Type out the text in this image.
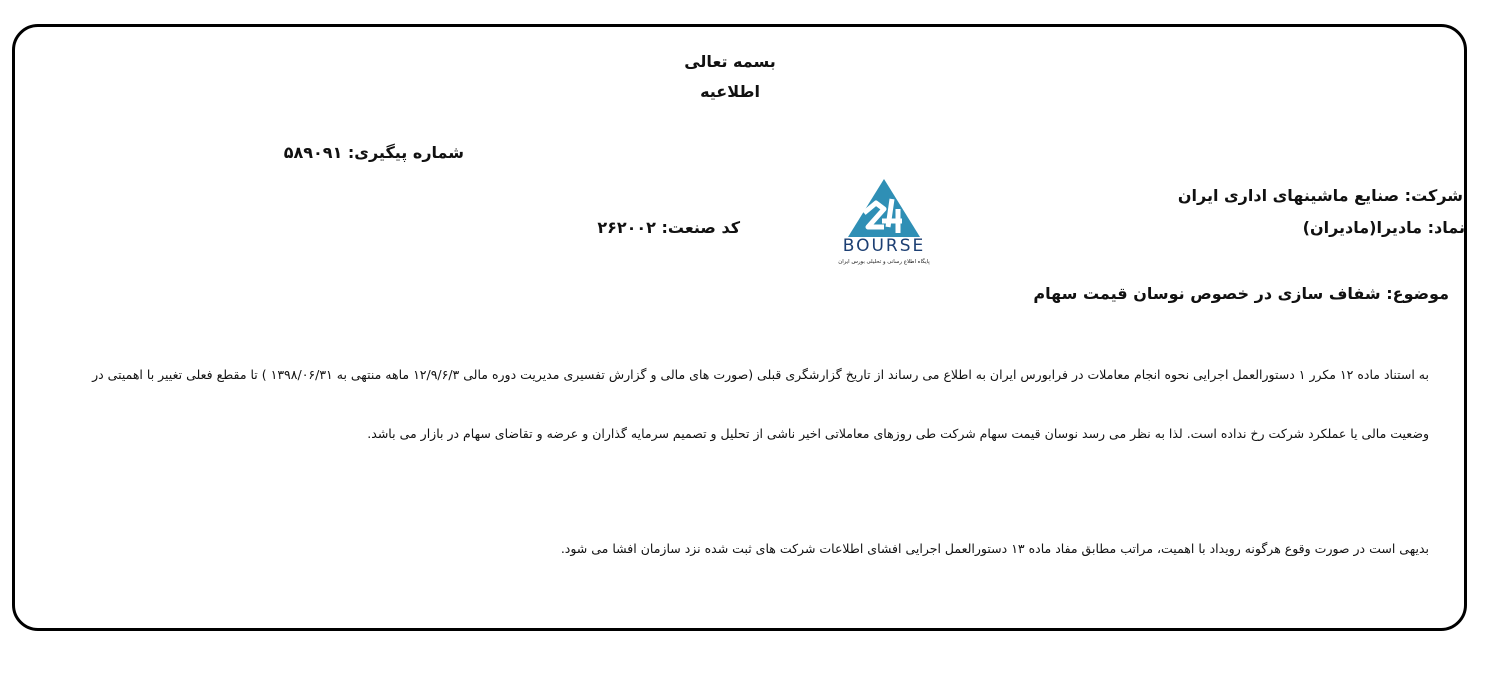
بسمه تعالی
اطلاعیه
شماره پیگیری: ۵۸۹۰۹۱
شرکت: صنایع ماشینهای اداری ایران
نماد: مادیرا(مادیران)
کد صنعت: ۲۶۲۰۰۲
BOURSE
پایگاه اطلاع رسانی و تحلیلی بورس ایران
موضوع: شفاف سازی در خصوص نوسان قیمت سهام
به استناد ماده ۱۲ مکرر ۱ دستورالعمل اجرایی نحوه انجام معاملات در فرابورس ایران به اطلاع می رساند از تاریخ گزارشگری قبلی (صورت های مالی و گزارش تفسیری مدیریت دوره مالی ۱۲/۹/۶/۳ ماهه منتهی به ۱۳۹۸/۰۶/۳۱ ) تا مقطع فعلی تغییر با اهمیتی در
وضعیت مالی یا عملکرد شرکت رخ نداده است. لذا به نظر می رسد نوسان قیمت سهام شرکت طی روزهای معاملاتی اخیر ناشی از تحلیل و تصمیم سرمایه گذاران و عرضه و تقاضای سهام در بازار می باشد.
بدیهی است در صورت وقوع هرگونه رویداد با اهمیت، مراتب مطابق مفاد ماده ۱۳ دستورالعمل اجرایی افشای اطلاعات شرکت های ثبت شده نزد سازمان افشا می شود.
